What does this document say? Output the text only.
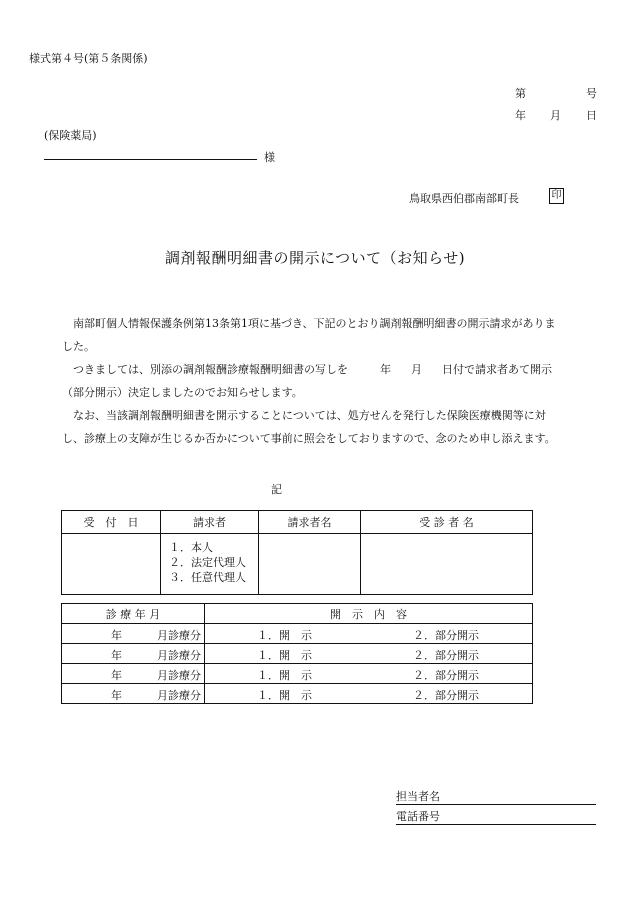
様式第４号(第５条関係)
第	号
年 月 日
(保険薬局)
様
鳥取県西伯郡南部町長	印
調剤報酬明細書の開示について（お知らせ)

南部町個人情報保護条例第13条第1項に基づき、下記のとおり調剤報酬明細書の開示請求がありました。

つきましては、別添の調剤報酬診療報酬明細書の写しを	年 月 日付で請求者あて開示（部分開示）決定しましたのでお知らせします。

なお、当該調剤報酬明細書を開示することについては、処方せんを発行した保険医療機関等に対し、診療上の支障が生じるか否かについて事前に照会をしておりますので、念のため申し添えます。

記
受　付　日	請求者	請求者名	受 診 者 名

	１．本人
２．法定代理人
３．任意代理人		

診 療 年 月	開　示　内　容

年 月診療分	１．開　示 ２．部分開示

年 月診療分	１．開　示 ２．部分開示

年 月診療分	１．開　示 ２．部分開示

年 月診療分	１．開　示 ２．部分開示
担当者名
電話番号
